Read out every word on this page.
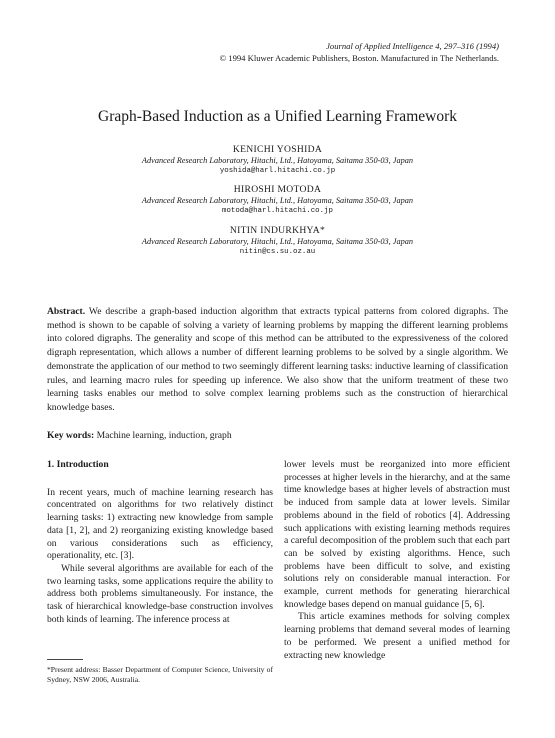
Journal of Applied Intelligence 4, 297–316 (1994)
© 1994 Kluwer Academic Publishers, Boston. Manufactured in The Netherlands.
Graph-Based Induction as a Unified Learning Framework
KENICHI YOSHIDA
Advanced Research Laboratory, Hitachi, Ltd., Hatoyama, Saitama 350-03, Japan
yoshida@harl.hitachi.co.jp
HIROSHI MOTODA
Advanced Research Laboratory, Hitachi, Ltd., Hatoyama, Saitama 350-03, Japan
motoda@harl.hitachi.co.jp
NITIN INDURKHYA*
Advanced Research Laboratory, Hitachi, Ltd., Hatoyama, Saitama 350-03, Japan
nitin@cs.su.oz.au
Abstract. We describe a graph-based induction algorithm that extracts typical patterns from colored digraphs. The method is shown to be capable of solving a variety of learning problems by mapping the different learning problems into colored digraphs. The generality and scope of this method can be attributed to the expressiveness of the colored digraph representation, which allows a number of different learning problems to be solved by a single algorithm. We demonstrate the application of our method to two seemingly different learning tasks: inductive learning of classification rules, and learning macro rules for speeding up inference. We also show that the uniform treatment of these two learning tasks enables our method to solve complex learning problems such as the construction of hierarchical knowledge bases.
Key words: Machine learning, induction, graph
1. Introduction

In recent years, much of machine learning research has concentrated on algorithms for two relatively distinct learning tasks: 1) extracting new knowledge from sample data [1, 2], and 2) reorganizing existing knowledge based on various considerations such as efficiency, operationality, etc. [3].

While several algorithms are available for each of the two learning tasks, some applications require the ability to address both problems simultaneously. For instance, the task of hierarchical knowledge-base construction involves both kinds of learning. The inference process at

lower levels must be reorganized into more efficient processes at higher levels in the hierarchy, and at the same time knowledge bases at higher levels of abstraction must be induced from sample data at lower levels. Similar problems abound in the field of robotics [4]. Addressing such applications with existing learning methods requires a careful decomposition of the problem such that each part can be solved by existing algorithms. Hence, such problems have been difficult to solve, and existing solutions rely on considerable manual interaction. For example, current methods for generating hierarchical knowledge bases depend on manual guidance [5, 6].

This article examines methods for solving complex learning problems that demand several modes of learning to be performed. We present a unified method for extracting new knowledge

*Present address: Basser Department of Computer Science, University of Sydney, NSW 2006, Australia.
